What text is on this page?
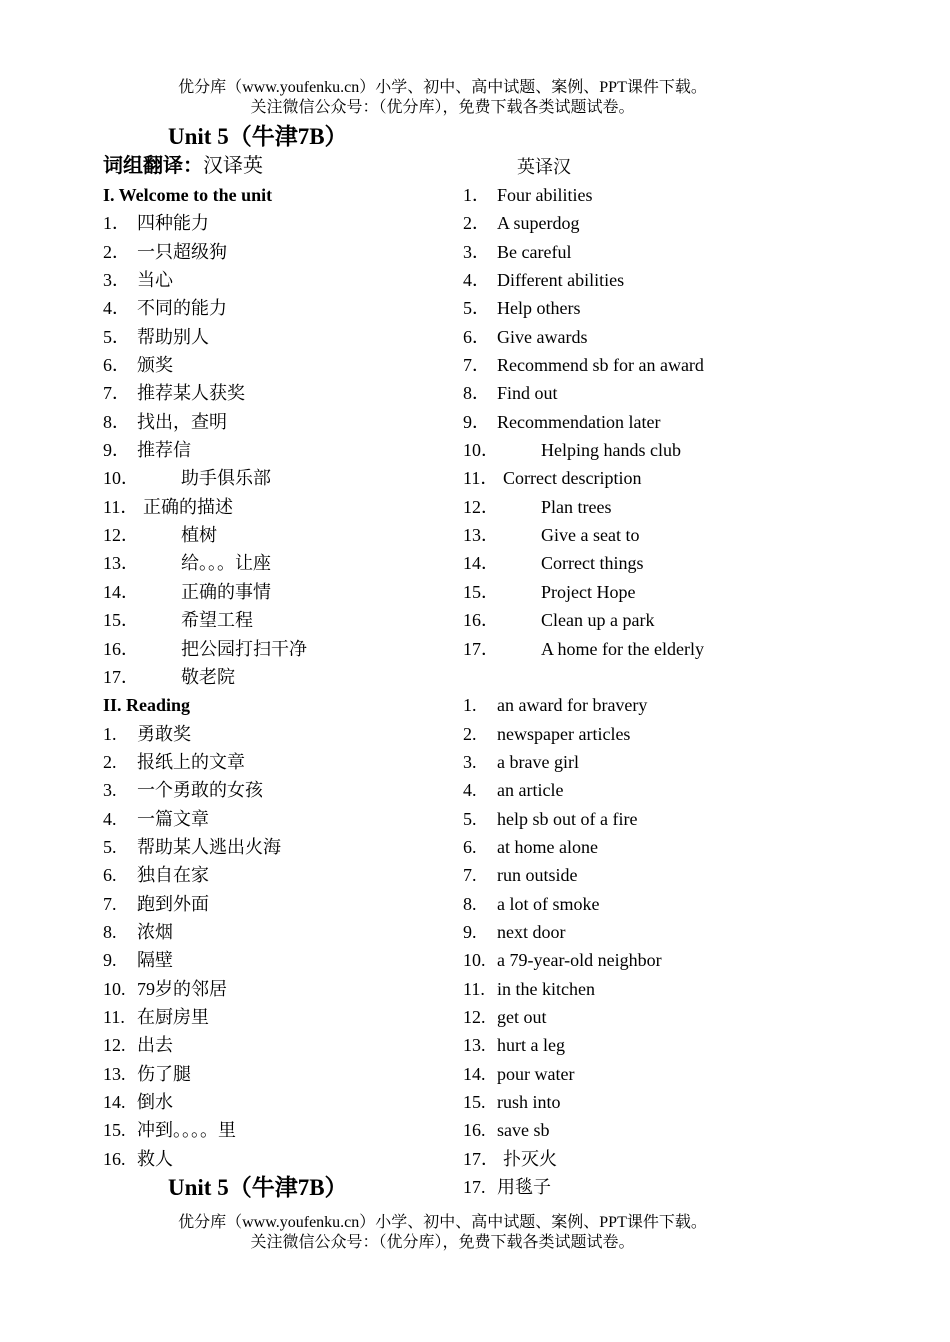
优分库（www.youfenku.cn）小学、初中、高中试题、案例、PPT课件下载。
关注微信公众号：（优分库），免费下载各类试题试卷。
Unit 5（牛津7B）
词组翻译：汉译英	英译汉
I. Welcome to the unit
1． 四种能力
2． 一只超级狗
3． 当心
4． 不同的能力
5． 帮助别人
6． 颁奖
7． 推荐某人获奖
8． 找出，查明
9． 推荐信
10． 助手俱乐部
11． 正确的描述
12． 植树
13． 给。。。让座
14． 正确的事情
15． 希望工程
16． 把公园打扫干净
17． 敬老院
II. Reading
1. 勇敢奖
2. 报纸上的文章
3. 一个勇敢的女孩
4. 一篇文章
5. 帮助某人逃出火海
6. 独自在家
7. 跑到外面
8. 浓烟
9. 隔壁
10. 79岁的邻居
11. 在厨房里
12. 出去
13. 伤了腿
14. 倒水
15. 冲到。。。。里
16. 救人
1． Four abilities
2． A superdog
3． Be careful
4． Different abilities
5． Help others
6． Give awards
7． Recommend sb for an award
8． Find out
9． Recommendation later
10． Helping hands club
11． Correct description
12． Plan trees
13． Give a seat to
14． Correct things
15． Project Hope
16． Clean up a park
17． A home for the elderly
1. an award for bravery
2. newspaper articles
3. a brave girl
4. an article
5. help sb out of a fire
6. at home alone
7. run outside
8. a lot of smoke
9. next door
10. a 79-year-old neighbor
11. in the kitchen
12. get out
13. hurt a leg
14. pour water
15. rush into
16. save sb
17． 扑灭火
17. 用毯子
Unit 5（牛津7B）
优分库（www.youfenku.cn）小学、初中、高中试题、案例、PPT课件下载。
关注微信公众号：（优分库），免费下载各类试题试卷。
